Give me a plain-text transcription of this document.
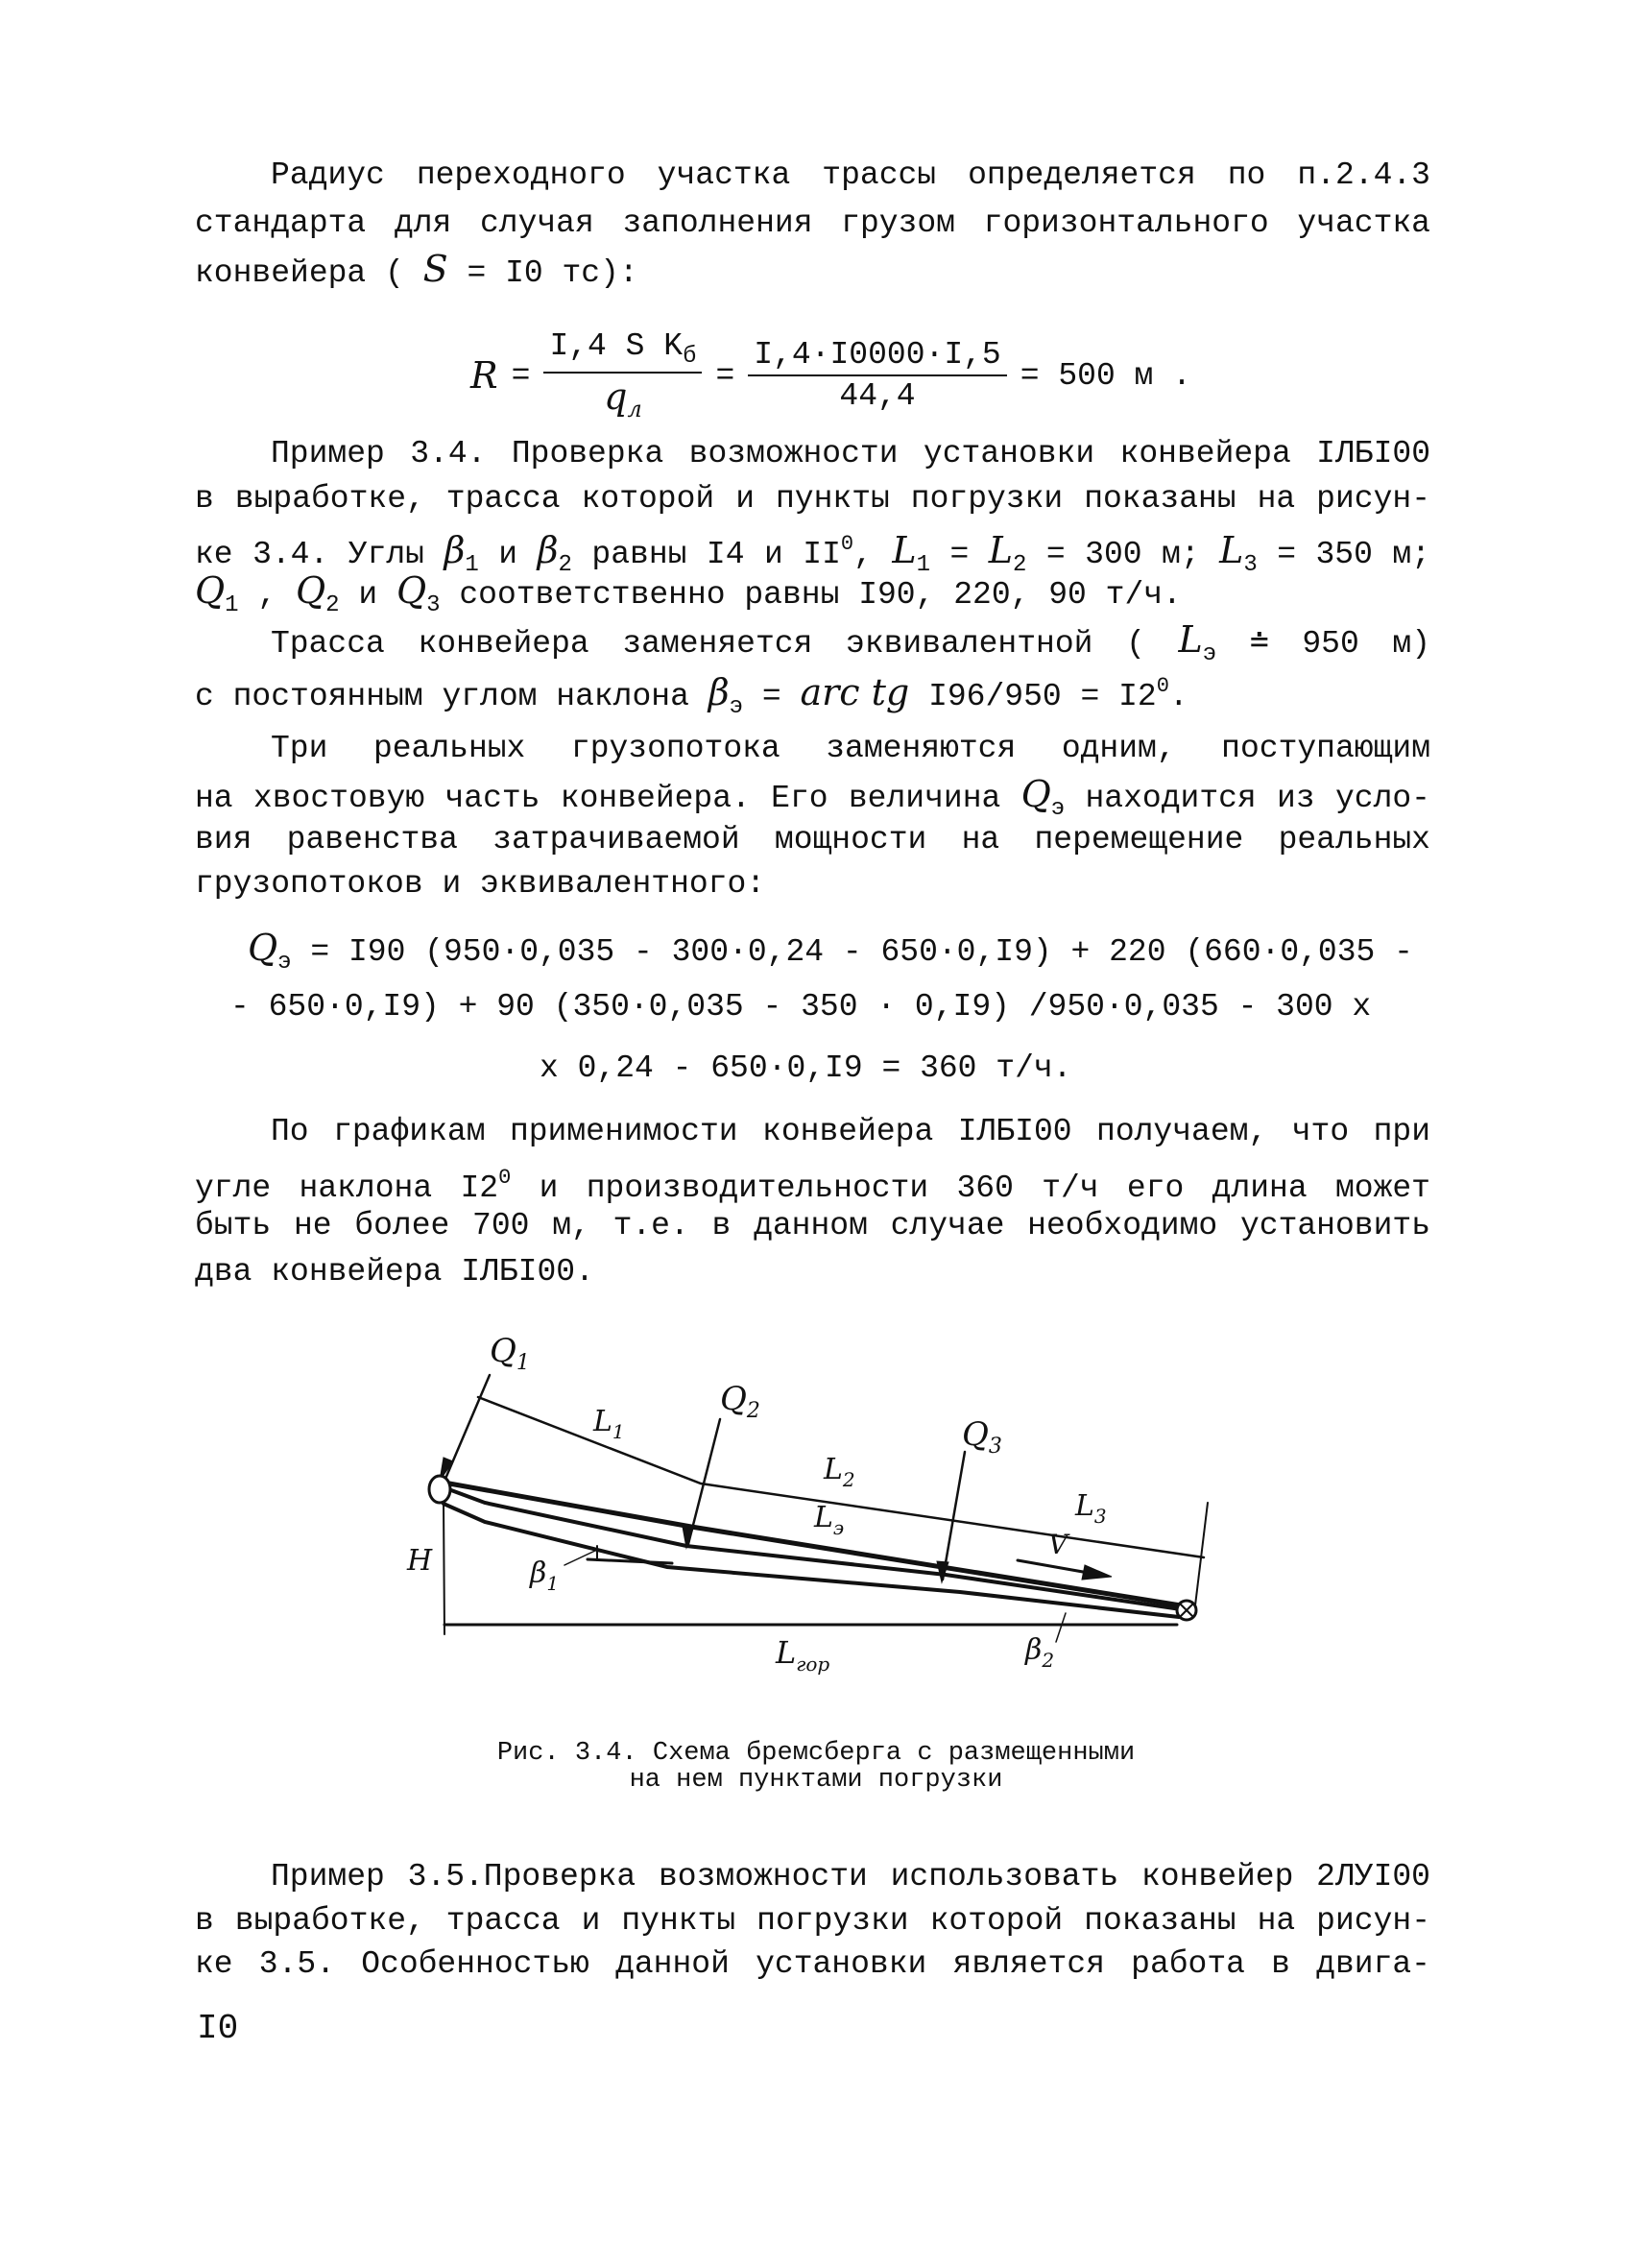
Радиус переходного участка трассы определяется по п.2.4.3
стандарта для случая заполнения грузом горизонтального участка
конвейера ( S = I0 тс):
$R = \frac{I,4 S K_б}{q_л} = \frac{I,4\cdot I0000\cdot I,5}{44,4} = 500$ м .
Пример 3.4. Проверка возможности установки конвейера IЛБI00
в выработке, трасса которой и пункты погрузки показаны на рисун-
ке 3.4. Углы $\beta_1$ и $\beta_2$ равны I4 и $II^0$, $L_1 = L_2 = 300$ м; $L_3 = 350$ м;
$Q_1$ , $Q_2$ и $Q_3$ соответственно равны I90, 220, 90 т/ч.
Трасса конвейера заменяется эквивалентной ( $L_э$ ≐ 950 м)
с постоянным углом наклона $\beta_э$ = arc tg $I96/950 = I2^0$.
Три реальных грузопотока заменяются одним, поступающим
на хвостовую часть конвейера. Его величина $Q_э$ находится из усло-
вия равенства затрачиваемой мощности на перемещение реальных
грузопотоков и эквивалентного:
$Q_э = I90$ (950·0,035 - 300·0,24 - 650·0,I9) + 220 (660·0,035 -
- 650·0,I9) + 90 (350·0,035 - 350 · 0,I9) /950·0,035 - 300 x
x 0,24 - 650·0,I9 = 360 т/ч.
По графикам применимости конвейера IЛБI00 получаем, что при
угле наклона $I2^0$ и производительности 360 т/ч его длина может
быть не более 700 м, т.е. в данном случае необходимо установить
два конвейера IЛБI00.
$Q_1$
$L_1$
$Q_2$
$L_2$
$Q_3$
$L_3$
$L_э$
V
H	$\beta_1$
$L_{гор}$	$\beta_2$
Рис. 3.4. Схема бремсберга с размещенными
на нем пунктами погрузки
Пример 3.5.Проверка возможности использовать конвейер 2ЛУI00
в выработке, трасса и пункты погрузки которой показаны на рисун-
ке 3.5. Особенностью данной установки является работа в двига-
I0
